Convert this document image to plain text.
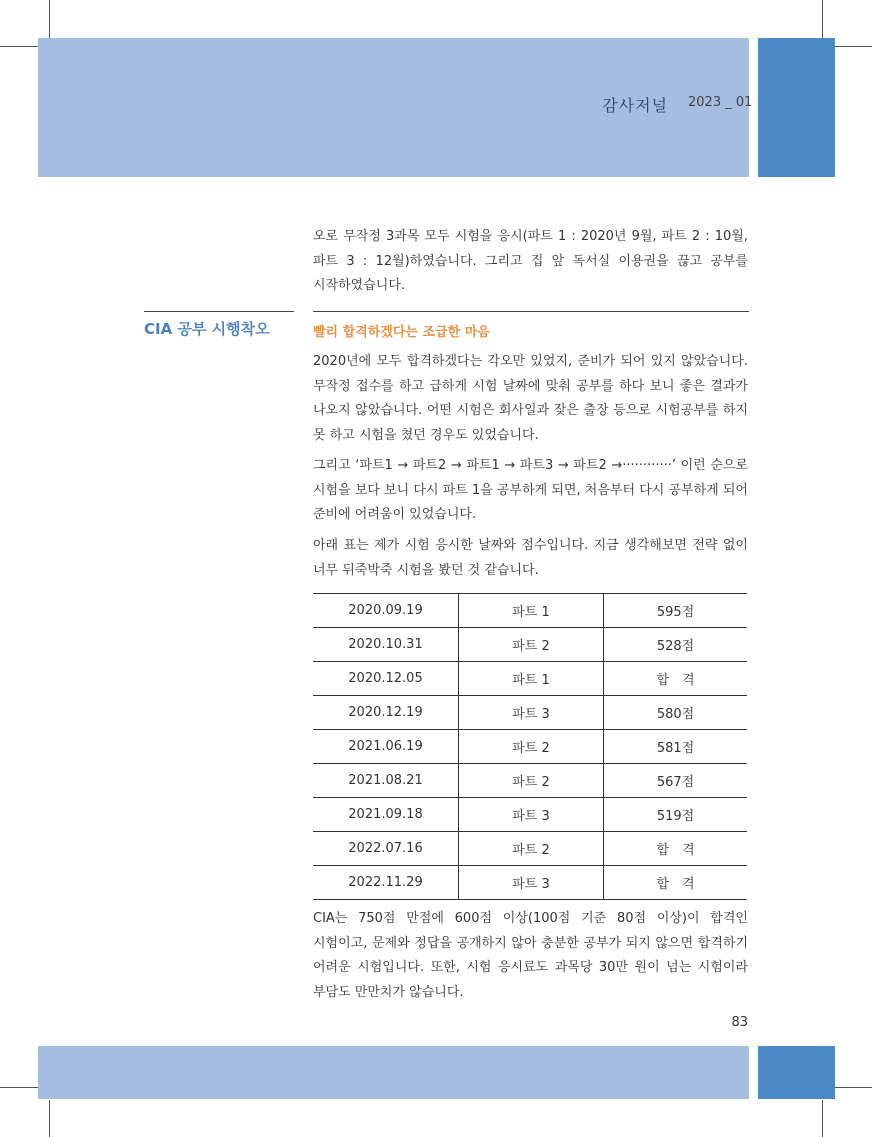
감사저널 2023 _ 01

오로 무작정 3과목 모두 시험을 응시(파트 1 : 2020년 9월, 파트 2 : 10월, 파트 3 : 12월)하였습니다. 그리고 집 앞 독서실 이용권을 끊고 공부를 시작하였습니다.

CIA 공부 시행착오	빨리 합격하겠다는 조급한 마음

2020년에 모두 합격하겠다는 각오만 있었지, 준비가 되어 있지 않았습니다. 무작정 접수를 하고 급하게 시험 날짜에 맞춰 공부를 하다 보니 좋은 결과가 나오지 않았습니다. 어떤 시험은 회사일과 잦은 출장 등으로 시험공부를 하지 못 하고 시험을 쳤던 경우도 있었습니다.

그리고 ‘파트1 → 파트2 → 파트1 → 파트3 → 파트2 →············’ 이런 순으로 시험을 보다 보니 다시 파트 1을 공부하게 되면, 처음부터 다시 공부하게 되어 준비에 어려움이 있었습니다.

아래 표는 제가 시험 응시한 날짜와 점수입니다. 지금 생각해보면 전략 없이 너무 뒤죽박죽 시험을 봤던 것 같습니다.

2020.09.19	파트 1	595점
2020.10.31	파트 2	528점
2020.12.05	파트 1	합　격
2020.12.19	파트 3	580점
2021.06.19	파트 2	581점
2021.08.21	파트 2	567점
2021.09.18	파트 3	519점
2022.07.16	파트 2	합　격
2022.11.29	파트 3	합　격

CIA는 750점 만점에 600점 이상(100점 기준 80점 이상)이 합격인 시험이고, 문제와 정답을 공개하지 않아 충분한 공부가 되지 않으면 합격하기 어려운 시험입니다. 또한, 시험 응시료도 과목당 30만 원이 넘는 시험이라 부담도 만만치가 않습니다.

83
